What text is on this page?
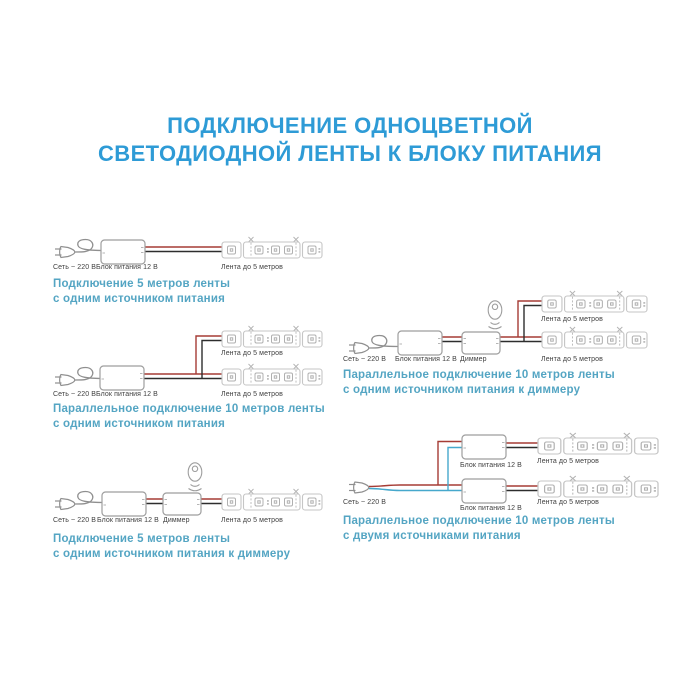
ПОДКЛЮЧЕНИЕ ОДНОЦВЕТНОЙ
СВЕТОДИОДНОЙ ЛЕНТЫ К БЛОКУ ПИТАНИЯ
Сеть ~ 220 В Блок питания 12 В	Лента до 5 метров
Подключение 5 метров ленты
с одним источником питания
Лента до 5 метров
Сеть ~ 220 В Блок питания 12 В	Лента до 5 метров
Параллельное подключение 10 метров ленты
с одним источником питания
Сеть ~ 220 В Блок питания 12 В Диммер	Лента до 5 метров
Подключение 5 метров ленты
с одним источником питания к диммеру
Лента до 5 метров
Сеть ~ 220 В Блок питания 12 В Диммер	Лента до 5 метров
Параллельное подключение 10 метров ленты
с одним источником питания к диммеру
Лента до 5 метров
Блок питания 12 В
Сеть ~ 220 В	Лента до 5 метров
Блок питания 12 В
Параллельное подключение 10 метров ленты
с двумя источниками питания
